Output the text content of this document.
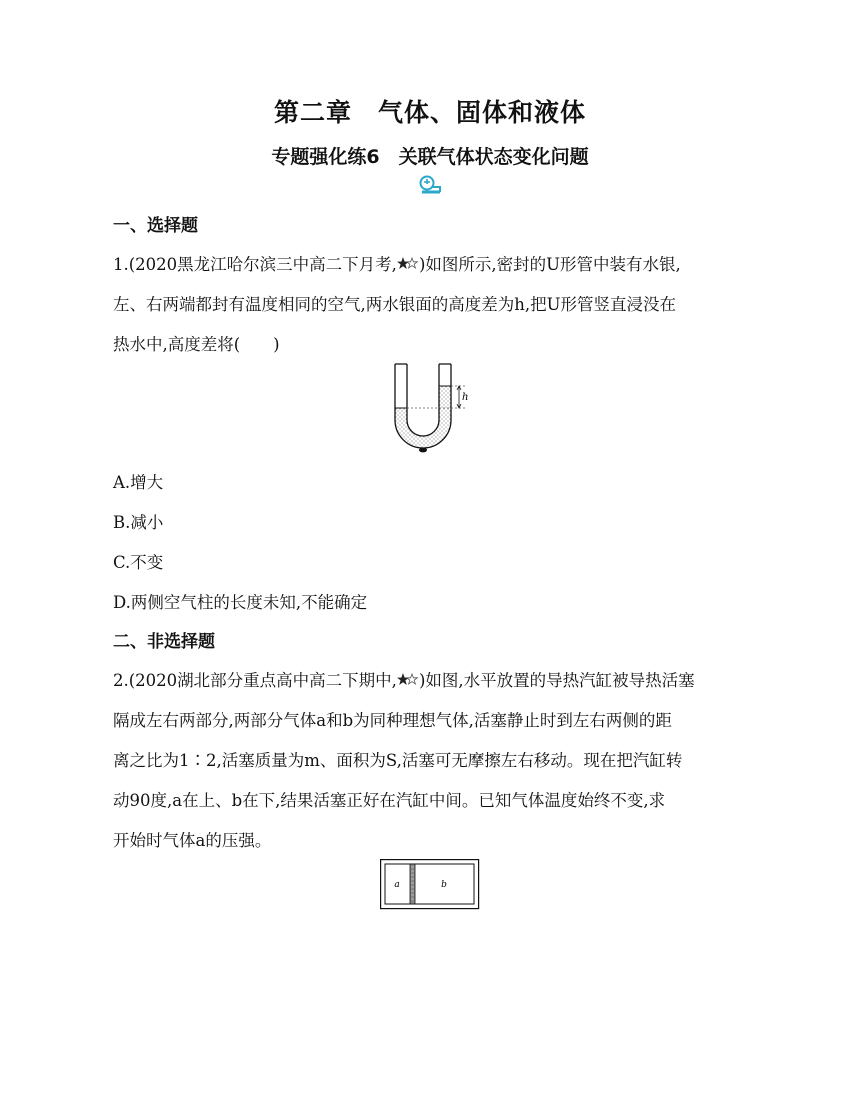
第二章　气体、固体和液体
专题强化练6　关联气体状态变化问题
一、选择题
1.(2020黑龙江哈尔滨三中高二下月考, )如图所示,密封的U形管中装有水银,
左、右两端都封有温度相同的空气,两水银面的高度差为h,把U形管竖直浸没在
热水中,高度差将(　　)
h
A.增大
B.减小
C.不变
D.两侧空气柱的长度未知,不能确定
二、非选择题
2.(2020湖北部分重点高中高二下期中, )如图,水平放置的导热汽缸被导热活塞
隔成左右两部分,两部分气体a和b为同种理想气体,活塞静止时到左右两侧的距
离之比为1∶2,活塞质量为m、面积为S,活塞可无摩擦左右移动。现在把汽缸转
动90度,a在上、b在下,结果活塞正好在汽缸中间。已知气体温度始终不变,求
开始时气体a的压强。
a	b
